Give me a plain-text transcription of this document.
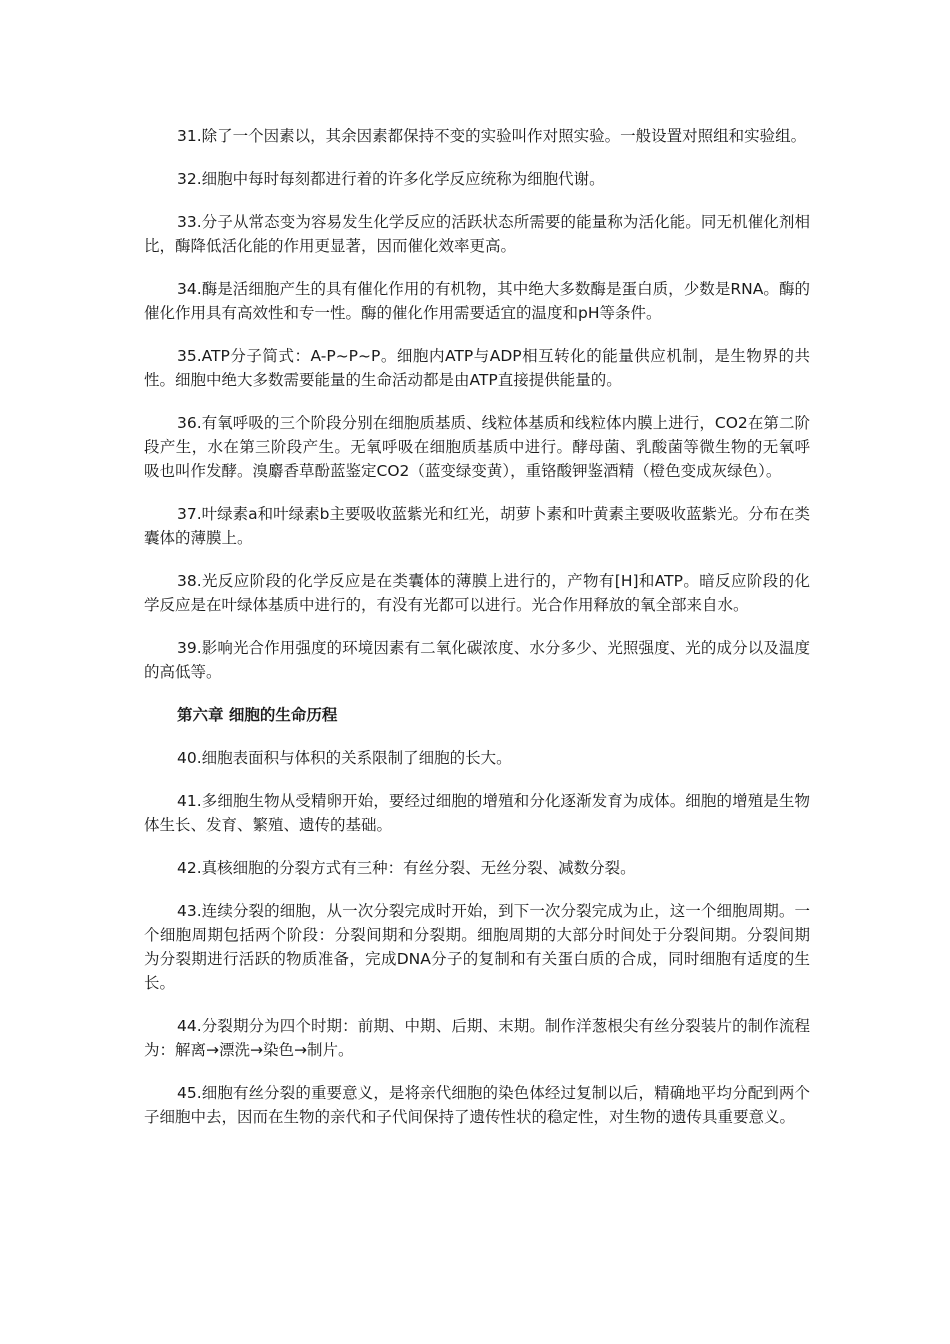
31.除了一个因素以，其余因素都保持不变的实验叫作对照实验。一般设置对照组和实验组。

32.细胞中每时每刻都进行着的许多化学反应统称为细胞代谢。

33.分子从常态变为容易发生化学反应的活跃状态所需要的能量称为活化能。同无机催化剂相比，酶降低活化能的作用更显著，因而催化效率更高。

34.酶是活细胞产生的具有催化作用的有机物，其中绝大多数酶是蛋白质，少数是RNA。酶的催化作用具有高效性和专一性。酶的催化作用需要适宜的温度和pH等条件。

35.ATP分子简式：A-P~P~P。细胞内ATP与ADP相互转化的能量供应机制，是生物界的共性。细胞中绝大多数需要能量的生命活动都是由ATP直接提供能量的。

36.有氧呼吸的三个阶段分别在细胞质基质、线粒体基质和线粒体内膜上进行，CO2在第二阶段产生，水在第三阶段产生。无氧呼吸在细胞质基质中进行。酵母菌、乳酸菌等微生物的无氧呼吸也叫作发酵。溴麝香草酚蓝鉴定CO2（蓝变绿变黄），重铬酸钾鉴酒精（橙色变成灰绿色）。

37.叶绿素a和叶绿素b主要吸收蓝紫光和红光，胡萝卜素和叶黄素主要吸收蓝紫光。分布在类囊体的薄膜上。

38.光反应阶段的化学反应是在类囊体的薄膜上进行的，产物有[H]和ATP。暗反应阶段的化学反应是在叶绿体基质中进行的，有没有光都可以进行。光合作用释放的氧全部来自水。

39.影响光合作用强度的环境因素有二氧化碳浓度、水分多少、光照强度、光的成分以及温度的高低等。

第六章 细胞的生命历程

40.细胞表面积与体积的关系限制了细胞的长大。

41.多细胞生物从受精卵开始，要经过细胞的增殖和分化逐渐发育为成体。细胞的增殖是生物体生长、发育、繁殖、遗传的基础。

42.真核细胞的分裂方式有三种：有丝分裂、无丝分裂、减数分裂。

43.连续分裂的细胞，从一次分裂完成时开始，到下一次分裂完成为止，这一个细胞周期。一个细胞周期包括两个阶段：分裂间期和分裂期。细胞周期的大部分时间处于分裂间期。分裂间期为分裂期进行活跃的物质准备，完成DNA分子的复制和有关蛋白质的合成，同时细胞有适度的生长。

44.分裂期分为四个时期：前期、中期、后期、末期。制作洋葱根尖有丝分裂装片的制作流程为：解离→漂洗→染色→制片。

45.细胞有丝分裂的重要意义，是将亲代细胞的染色体经过复制以后，精确地平均分配到两个子细胞中去，因而在生物的亲代和子代间保持了遗传性状的稳定性，对生物的遗传具重要意义。
